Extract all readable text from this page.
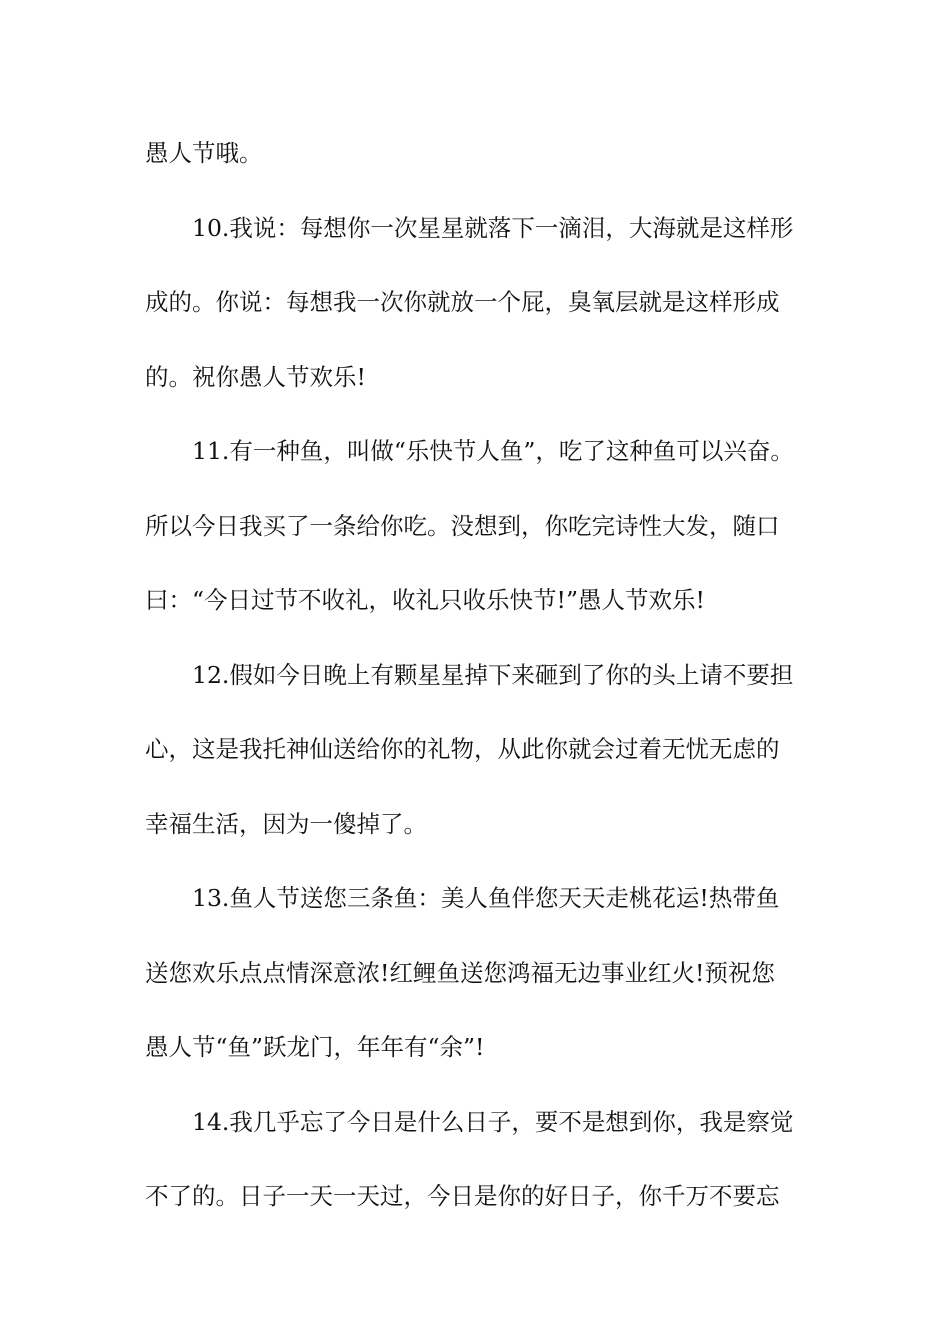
愚人节哦。
10.我说：每想你一次星星就落下一滴泪，大海就是这样形
成的。你说：每想我一次你就放一个屁，臭氧层就是这样形成
的。祝你愚人节欢乐!
11.有一种鱼，叫做“乐快节人鱼”，吃了这种鱼可以兴奋。
所以今日我买了一条给你吃。没想到，你吃完诗性大发，随口
曰：“今日过节不收礼，收礼只收乐快节!”愚人节欢乐!
12.假如今日晚上有颗星星掉下来砸到了你的头上请不要担
心，这是我托神仙送给你的礼物，从此你就会过着无忧无虑的
幸福生活，因为一傻掉了。
13.鱼人节送您三条鱼：美人鱼伴您天天走桃花运!热带鱼
送您欢乐点点情深意浓!红鲤鱼送您鸿福无边事业红火!预祝您
愚人节“鱼”跃龙门，年年有“余”!
14.我几乎忘了今日是什么日子，要不是想到你，我是察觉
不了的。日子一天一天过，今日是你的好日子，你千万不要忘
